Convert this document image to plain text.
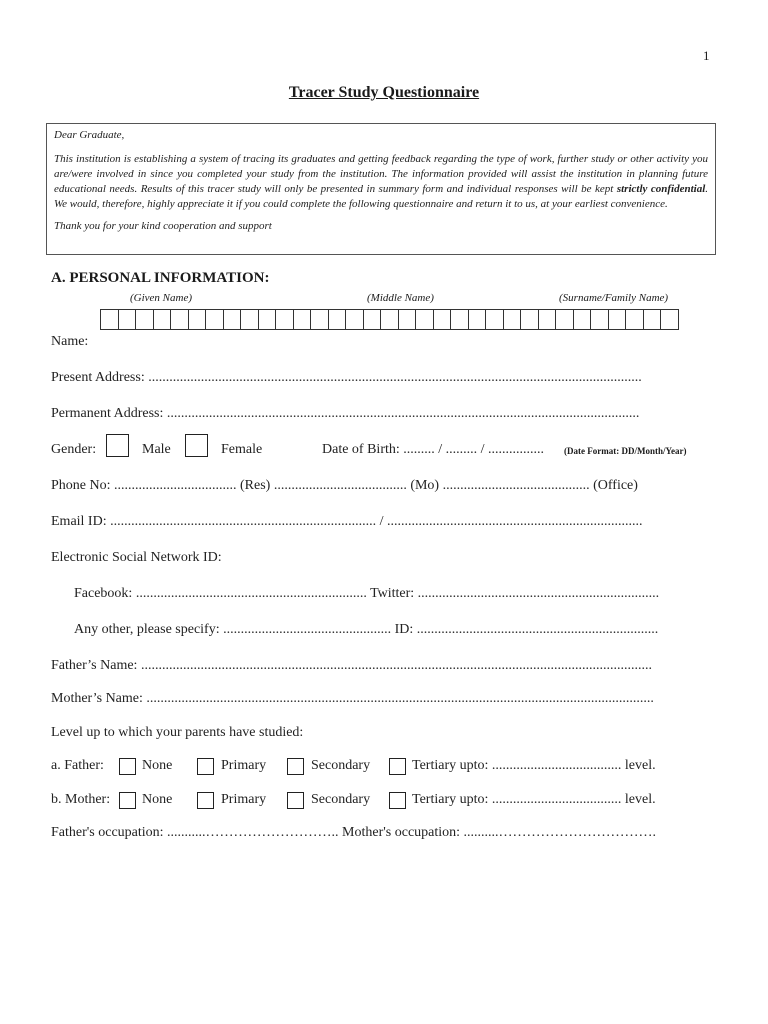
1
Tracer Study Questionnaire

Dear Graduate,

This institution is establishing a system of tracing its graduates and getting feedback regarding the type of work, further study or other activity you are/were involved in since you completed your study from the institution. The information provided will assist the institution in planning future educational needs. Results of this tracer study will only be presented in summary form and individual responses will be kept strictly confidential. We would, therefore, highly appreciate it if you could complete the following questionnaire and return it to us, at your earliest convenience.

Thank you for your kind cooperation and support

A. PERSONAL INFORMATION:
(Given Name)	(Middle Name)	(Surname/Family Name)
Name:
Present Address: .............................................................................................................................................
Permanent Address: .......................................................................................................................................
Gender:	Male	Female	Date of Birth: ......... / ......... / ................ (Date Format: DD/Month/Year)
Phone No: ................................... (Res) ...................................... (Mo) .......................................... (Office)
Email ID: ............................................................................ / .........................................................................
Electronic Social Network ID:
Facebook: .................................................................. Twitter: .....................................................................
Any other, please specify: ................................................ ID: .....................................................................
Father’s Name: ..................................................................................................................................................
Mother’s Name: .................................................................................................................................................
Level up to which your parents have studied:
a. Father:	None	Primary	Secondary	Tertiary upto: ..................................... level.
b. Mother: None	Primary	Secondary	Tertiary upto: ..................................... level.
Father's occupation: ...........……………………….. Mother's occupation: ..........…………………………….
